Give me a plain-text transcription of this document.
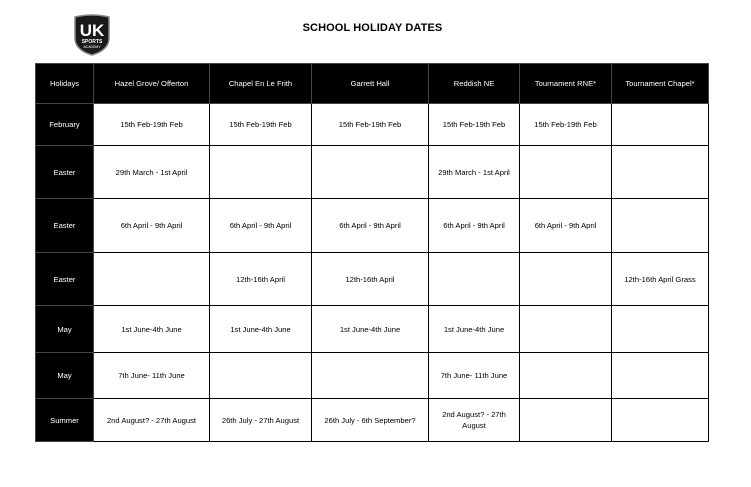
UK
SPORTS
ACADEMY
SCHOOL HOLIDAY DATES
Holidays	Hazel Grove/ Offerton	Chapel En Le Frith	Garrett Hall	Reddish NE	Tournament RNE*	Tournament Chapel*
February	15th Feb-19th Feb	15th Feb-19th Feb	15th Feb-19th Feb	15th Feb-19th Feb	15th Feb-19th Feb	
Easter	29th March - 1st April			29th March - 1st April		
Easter	6th April - 9th April	6th April - 9th April	6th April - 9th April	6th April - 9th April	6th April - 9th April	
Easter		12th-16th April	12th-16th April			12th-16th April Grass
May	1st June-4th June	1st June-4th June	1st June-4th June	1st June-4th June		
May	7th June- 11th June			7th June- 11th June		
Summer	2nd August? - 27th August	26th July - 27th August	26th July - 6th September?	2nd August? - 27th August		
